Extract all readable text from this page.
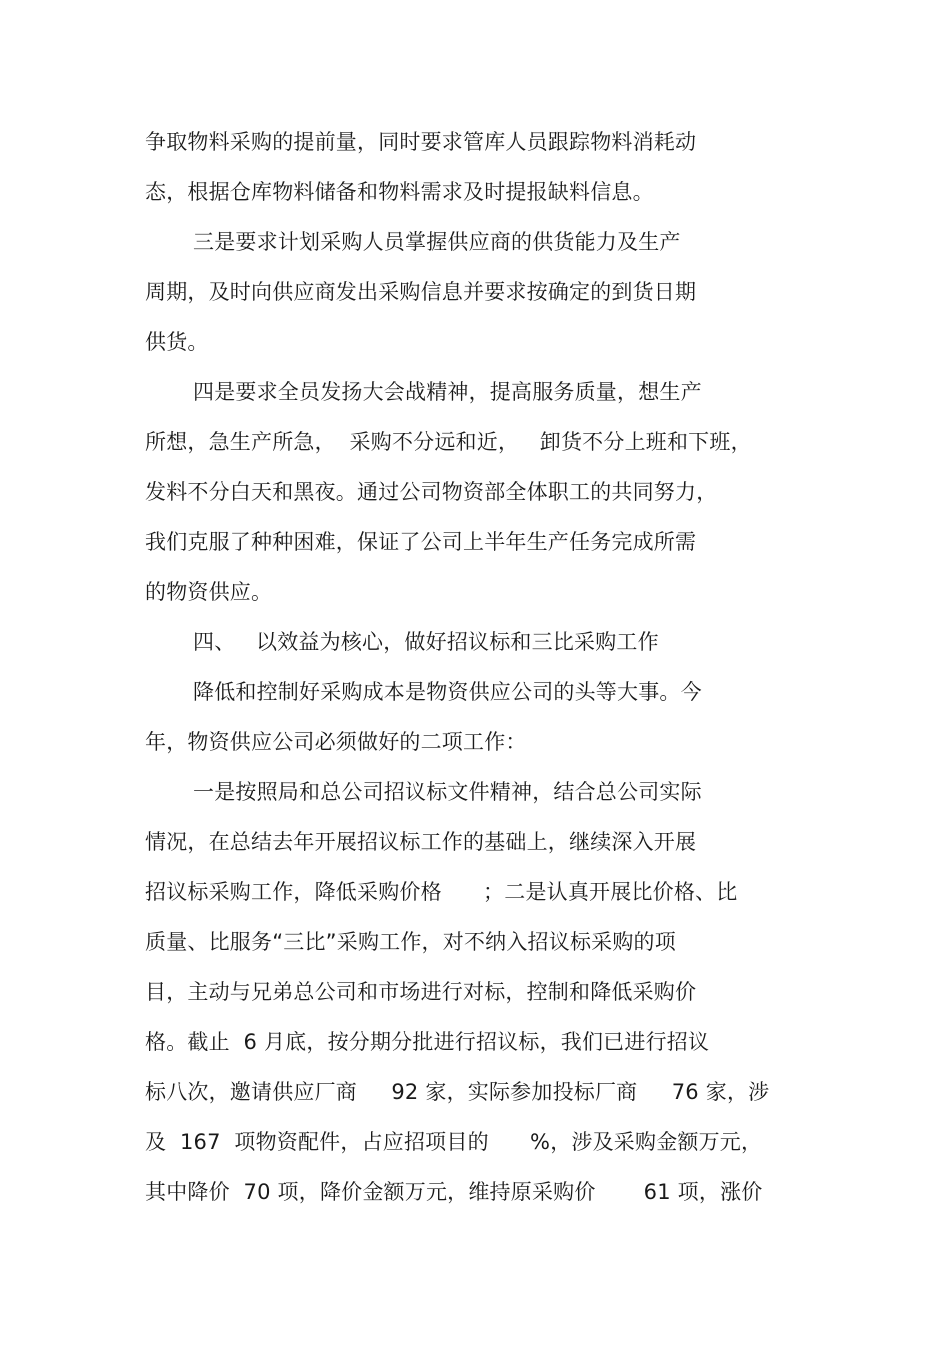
争取物料采购的提前量，同时要求管库人员跟踪物料消耗动

态，根据仓库物料储备和物料需求及时提报缺料信息。

三是要求计划采购人员掌握供应商的供货能力及生产

周期，及时向供应商发出采购信息并要求按确定的到货日期

供货。

四是要求全员发扬大会战精神，提高服务质量，想生产

所想，急生产所急，  采购不分远和近，   卸货不分上班和下班，

发料不分白天和黑夜。通过公司物资部全体职工的共同努力，

我们克服了种种困难，保证了公司上半年生产任务完成所需

的物资供应。

四、   以效益为核心，做好招议标和三比采购工作

降低和控制好采购成本是物资供应公司的头等大事。今

年，物资供应公司必须做好的二项工作：

一是按照局和总公司招议标文件精神，结合总公司实际

情况，在总结去年开展招议标工作的基础上，继续深入开展

招议标采购工作，降低采购价格      ；二是认真开展比价格、比

质量、比服务“三比”采购工作，对不纳入招议标采购的项

目，主动与兄弟总公司和市场进行对标，控制和降低采购价

格。截止  6 月底，按分期分批进行招议标，我们已进行招议

标八次，邀请供应厂商     92 家，实际参加投标厂商     76 家，涉

及  167  项物资配件，占应招项目的      %，涉及采购金额万元，

其中降价  70 项，降价金额万元，维持原采购价       61 项，涨价
